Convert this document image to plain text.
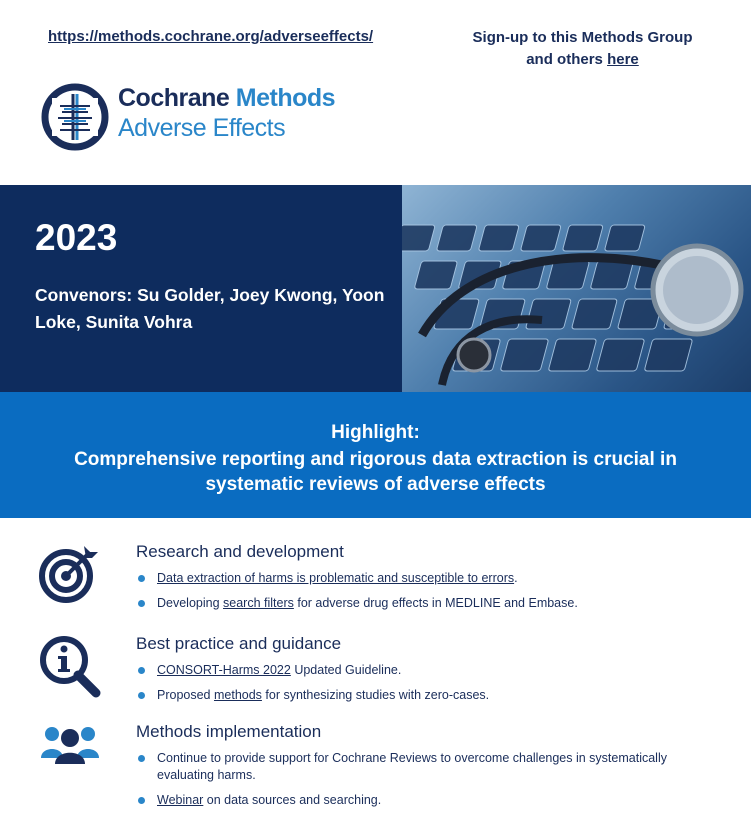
https://methods.cochrane.org/adverseeffects/	Sign-up to this Methods Group
and others here
Cochrane Methods
Adverse Effects
2023
Convenors: Su Golder, Joey Kwong, Yoon Loke, Sunita Vohra
Highlight:
Comprehensive reporting and rigorous data extraction is crucial in systematic reviews of adverse effects
Research and development
Data extraction of harms is problematic and susceptible to errors.
Developing search filters for adverse drug effects in MEDLINE and Embase.
Best practice and guidance
CONSORT-Harms 2022 Updated Guideline.
Proposed methods for synthesizing studies with zero-cases.
Methods implementation
Continue to provide support for Cochrane Reviews to overcome challenges in systematically evaluating harms.
Webinar on data sources and searching.
